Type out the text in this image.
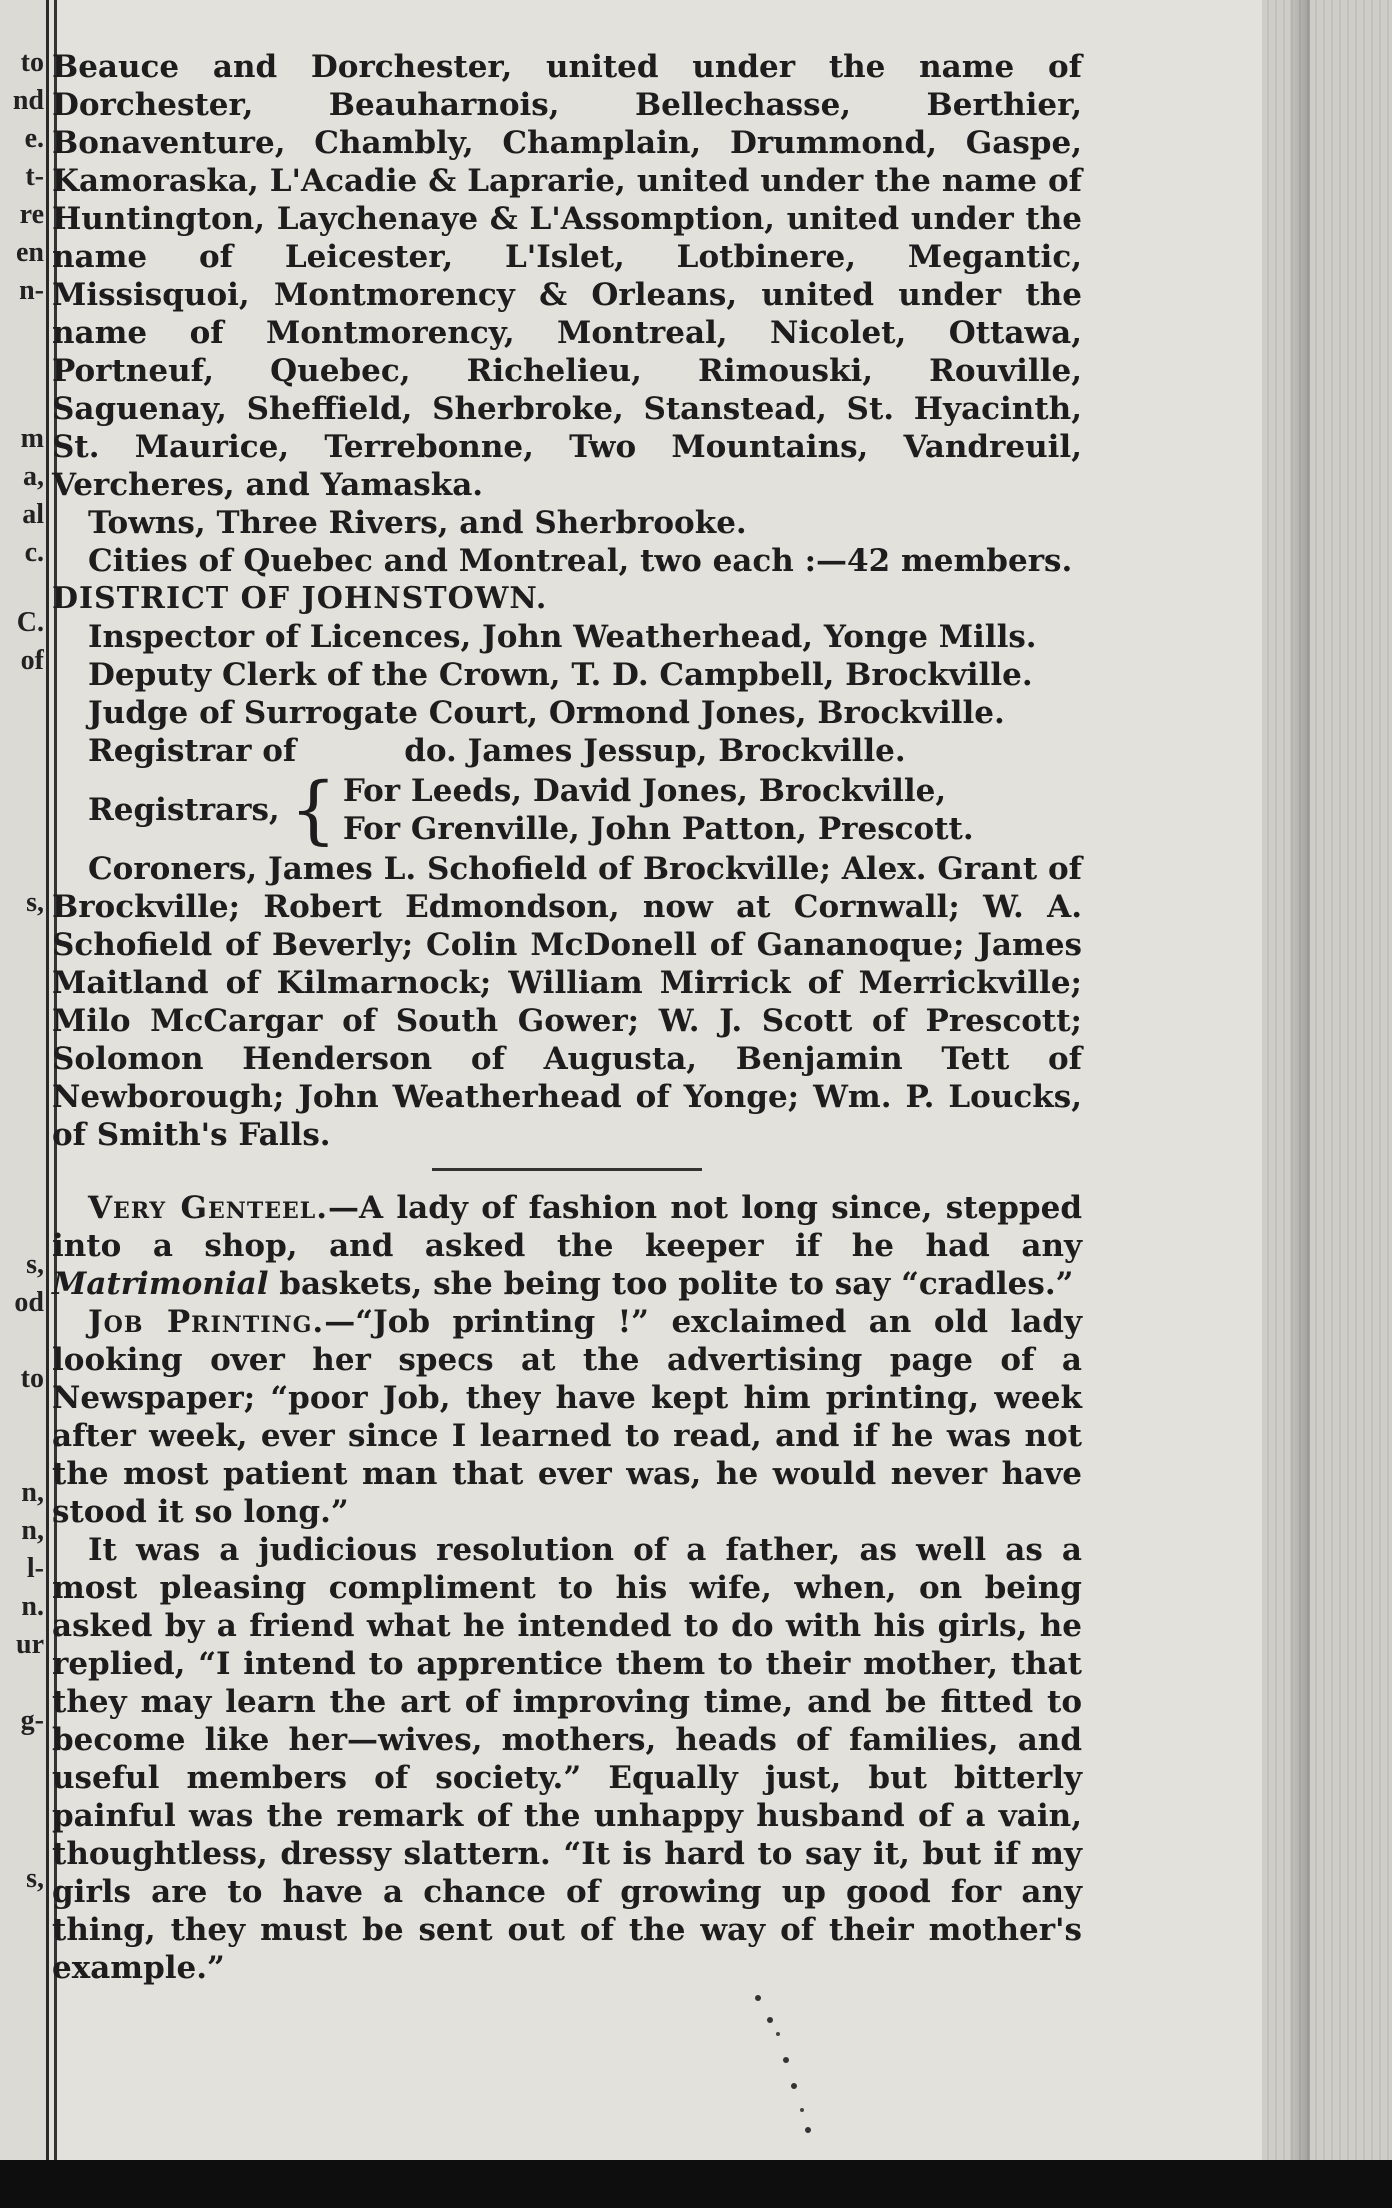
to
nd
e.
t-
re
en
n-
m
a,
al
c.
C.
of
s,
s,
od
to
n,
n,
l-
n.
ur
g-
s,

Beauce and Dorchester, united under the name of Dorchester, Beauharnois, Bellechasse, Berthier, Bonaventure, Chambly, Champlain, Drummond, Gaspe, Kamoraska, L'Acadie & Laprarie, united under the name of Huntington, Laychenaye & L'Assomption, united under the name of Leicester, L'Islet, Lotbinere, Megantic, Missisquoi, Montmorency & Orleans, united under the name of Montmorency, Montreal, Nicolet, Ottawa, Portneuf, Quebec, Richelieu, Rimouski, Rouville, Saguenay, Sheffield, Sherbroke, Stanstead, St. Hyacinth, St. Maurice, Terrebonne, Two Mountains, Vandreuil, Vercheres, and Yamaska.

Towns, Three Rivers, and Sherbrooke.

Cities of Quebec and Montreal, two each :—42 members.

DISTRICT OF JOHNSTOWN.

Inspector of Licences, John Weatherhead, Yonge Mills.

Deputy Clerk of the Crown, T. D. Campbell, Brockville.

Judge of Surrogate Court, Ormond Jones, Brockville.

Registrar of          do. James Jessup, Brockville.

Registrars, { For Leeds, David Jones, Brockville,
For Grenville, John Patton, Prescott.

Coroners, James L. Schofield of Brockville; Alex. Grant of Brockville; Robert Edmondson, now at Cornwall; W. A. Schofield of Beverly; Colin McDonell of Gananoque; James Maitland of Kilmarnock; William Mirrick of Merrickville; Milo McCargar of South Gower; W. J. Scott of Prescott; Solomon Henderson of Augusta, Benjamin Tett of Newborough; John Weatherhead of Yonge; Wm. P. Loucks, of Smith's Falls.

Very Genteel.—A lady of fashion not long since, stepped into a shop, and asked the keeper if he had any Matrimonial baskets, she being too polite to say “cradles.”

Job Printing.—“Job printing !” exclaimed an old lady looking over her specs at the advertising page of a Newspaper; “poor Job, they have kept him printing, week after week, ever since I learned to read, and if he was not the most patient man that ever was, he would never have stood it so long.”

It was a judicious resolution of a father, as well as a most pleasing compliment to his wife, when, on being asked by a friend what he intended to do with his girls, he replied, “I intend to apprentice them to their mother, that they may learn the art of improving time, and be fitted to become like her—wives, mothers, heads of families, and useful members of society.” Equally just, but bitterly painful was the remark of the unhappy husband of a vain, thoughtless, dressy slattern. “It is hard to say it, but if my girls are to have a chance of growing up good for any thing, they must be sent out of the way of their mother's example.”
